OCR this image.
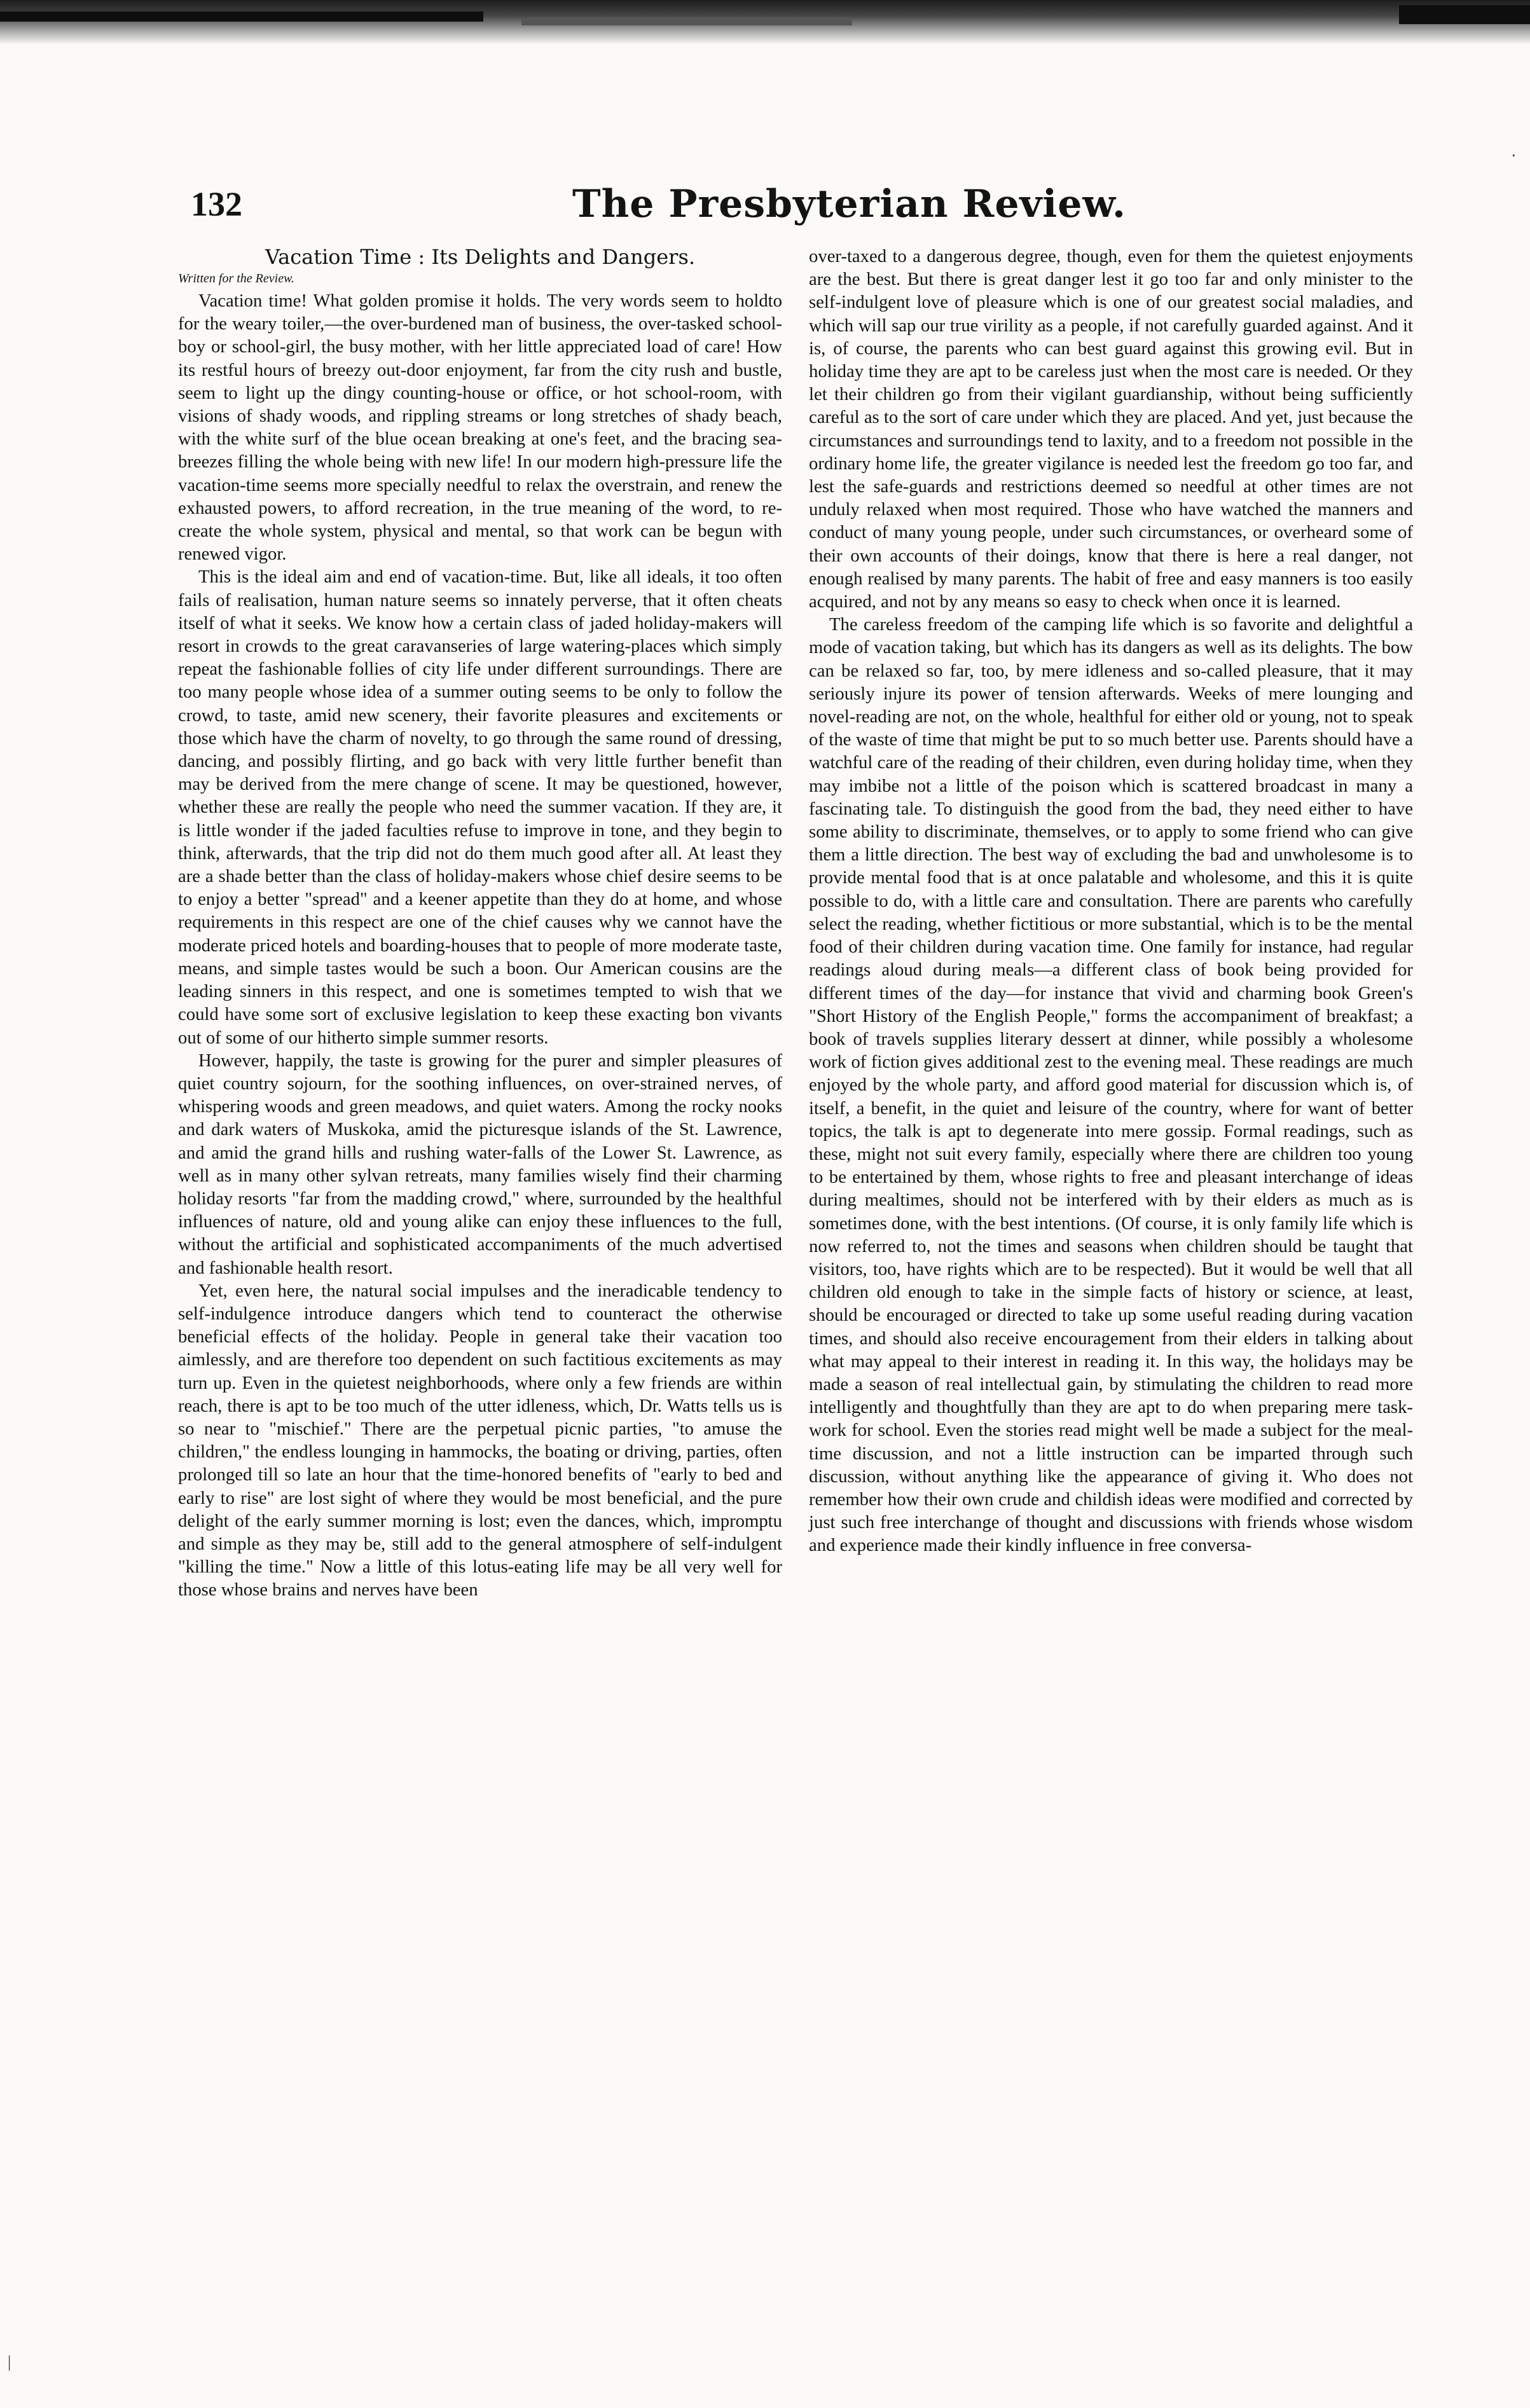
132	The Presbyterian Review.
Vacation Time : Its Delights and Dangers.

Written for the Review.

Vacation time! What golden promise it holds. The very words seem to holdto for the weary toiler,—the over-burdened man of business, the over-tasked school-boy or school-girl, the busy mother, with her little appreciated load of care! How its restful hours of breezy out-door enjoyment, far from the city rush and bustle, seem to light up the dingy counting-house or office, or hot school-room, with visions of shady woods, and rippling streams or long stretches of shady beach, with the white surf of the blue ocean breaking at one's feet, and the bracing sea-breezes filling the whole being with new life! In our modern high-pressure life the vacation-time seems more specially needful to relax the overstrain, and renew the exhausted powers, to afford recreation, in the true meaning of the word, to re-create the whole system, physical and mental, so that work can be begun with renewed vigor.

This is the ideal aim and end of vacation-time. But, like all ideals, it too often fails of realisation, human nature seems so innately perverse, that it often cheats itself of what it seeks. We know how a certain class of jaded holiday-makers will resort in crowds to the great caravanseries of large watering-places which simply repeat the fashionable follies of city life under different surroundings. There are too many people whose idea of a summer outing seems to be only to follow the crowd, to taste, amid new scenery, their favorite pleasures and excitements or those which have the charm of novelty, to go through the same round of dressing, dancing, and possibly flirting, and go back with very little further benefit than may be derived from the mere change of scene. It may be questioned, however, whether these are really the people who need the summer vacation. If they are, it is little wonder if the jaded faculties refuse to improve in tone, and they begin to think, afterwards, that the trip did not do them much good after all. At least they are a shade better than the class of holiday-makers whose chief desire seems to be to enjoy a better "spread" and a keener appetite than they do at home, and whose requirements in this respect are one of the chief causes why we cannot have the moderate priced hotels and boarding-houses that to people of more moderate taste, means, and simple tastes would be such a boon. Our American cousins are the leading sinners in this respect, and one is sometimes tempted to wish that we could have some sort of exclusive legislation to keep these exacting bon vivants out of some of our hitherto simple summer resorts.

However, happily, the taste is growing for the purer and simpler pleasures of quiet country sojourn, for the soothing influences, on over-strained nerves, of whispering woods and green meadows, and quiet waters. Among the rocky nooks and dark waters of Muskoka, amid the picturesque islands of the St. Lawrence, and amid the grand hills and rushing water-falls of the Lower St. Lawrence, as well as in many other sylvan retreats, many families wisely find their charming holiday resorts "far from the madding crowd," where, surrounded by the healthful influences of nature, old and young alike can enjoy these influences to the full, without the artificial and sophisticated accompaniments of the much advertised and fashionable health resort.

Yet, even here, the natural social impulses and the ineradicable tendency to self-indulgence introduce dangers which tend to counteract the otherwise beneficial effects of the holiday. People in general take their vacation too aimlessly, and are therefore too dependent on such factitious excitements as may turn up. Even in the quietest neighborhoods, where only a few friends are within reach, there is apt to be too much of the utter idleness, which, Dr. Watts tells us is so near to "mischief." There are the perpetual picnic parties, "to amuse the children," the endless lounging in hammocks, the boating or driving, parties, often prolonged till so late an hour that the time-honored benefits of "early to bed and early to rise" are lost sight of where they would be most beneficial, and the pure delight of the early summer morning is lost; even the dances, which, impromptu and simple as they may be, still add to the general atmosphere of self-indulgent "killing the time." Now a little of this lotus-eating life may be all very well for those whose brains and nerves have been

over-taxed to a dangerous degree, though, even for them the quietest enjoyments are the best. But there is great danger lest it go too far and only minister to the self-indulgent love of pleasure which is one of our greatest social maladies, and which will sap our true virility as a people, if not carefully guarded against. And it is, of course, the parents who can best guard against this growing evil. But in holiday time they are apt to be careless just when the most care is needed. Or they let their children go from their vigilant guardianship, without being sufficiently careful as to the sort of care under which they are placed. And yet, just because the circumstances and surroundings tend to laxity, and to a freedom not possible in the ordinary home life, the greater vigilance is needed lest the freedom go too far, and lest the safe-guards and restrictions deemed so needful at other times are not unduly relaxed when most required. Those who have watched the manners and conduct of many young people, under such circumstances, or overheard some of their own accounts of their doings, know that there is here a real danger, not enough realised by many parents. The habit of free and easy manners is too easily acquired, and not by any means so easy to check when once it is learned.

The careless freedom of the camping life which is so favorite and delightful a mode of vacation taking, but which has its dangers as well as its delights. The bow can be relaxed so far, too, by mere idleness and so-called pleasure, that it may seriously injure its power of tension afterwards. Weeks of mere lounging and novel-reading are not, on the whole, healthful for either old or young, not to speak of the waste of time that might be put to so much better use. Parents should have a watchful care of the reading of their children, even during holiday time, when they may imbibe not a little of the poison which is scattered broadcast in many a fascinating tale. To distinguish the good from the bad, they need either to have some ability to discriminate, themselves, or to apply to some friend who can give them a little direction. The best way of excluding the bad and unwholesome is to provide mental food that is at once palatable and wholesome, and this it is quite possible to do, with a little care and consultation. There are parents who carefully select the reading, whether fictitious or more substantial, which is to be the mental food of their children during vacation time. One family for instance, had regular readings aloud during meals—a different class of book being provided for different times of the day—for instance that vivid and charming book Green's "Short History of the English People," forms the accompaniment of breakfast; a book of travels supplies literary dessert at dinner, while possibly a wholesome work of fiction gives additional zest to the evening meal. These readings are much enjoyed by the whole party, and afford good material for discussion which is, of itself, a benefit, in the quiet and leisure of the country, where for want of better topics, the talk is apt to degenerate into mere gossip. Formal readings, such as these, might not suit every family, especially where there are children too young to be entertained by them, whose rights to free and pleasant interchange of ideas during mealtimes, should not be interfered with by their elders as much as is sometimes done, with the best intentions. (Of course, it is only family life which is now referred to, not the times and seasons when children should be taught that visitors, too, have rights which are to be respected). But it would be well that all children old enough to take in the simple facts of history or science, at least, should be encouraged or directed to take up some useful reading during vacation times, and should also receive encouragement from their elders in talking about what may appeal to their interest in reading it. In this way, the holidays may be made a season of real intellectual gain, by stimulating the children to read more intelligently and thoughtfully than they are apt to do when preparing mere task-work for school. Even the stories read might well be made a subject for the meal-time discussion, and not a little instruction can be imparted through such discussion, without anything like the appearance of giving it. Who does not remember how their own crude and childish ideas were modified and corrected by just such free interchange of thought and discussions with friends whose wisdom and experience made their kindly influence in free conversa-

·
|
